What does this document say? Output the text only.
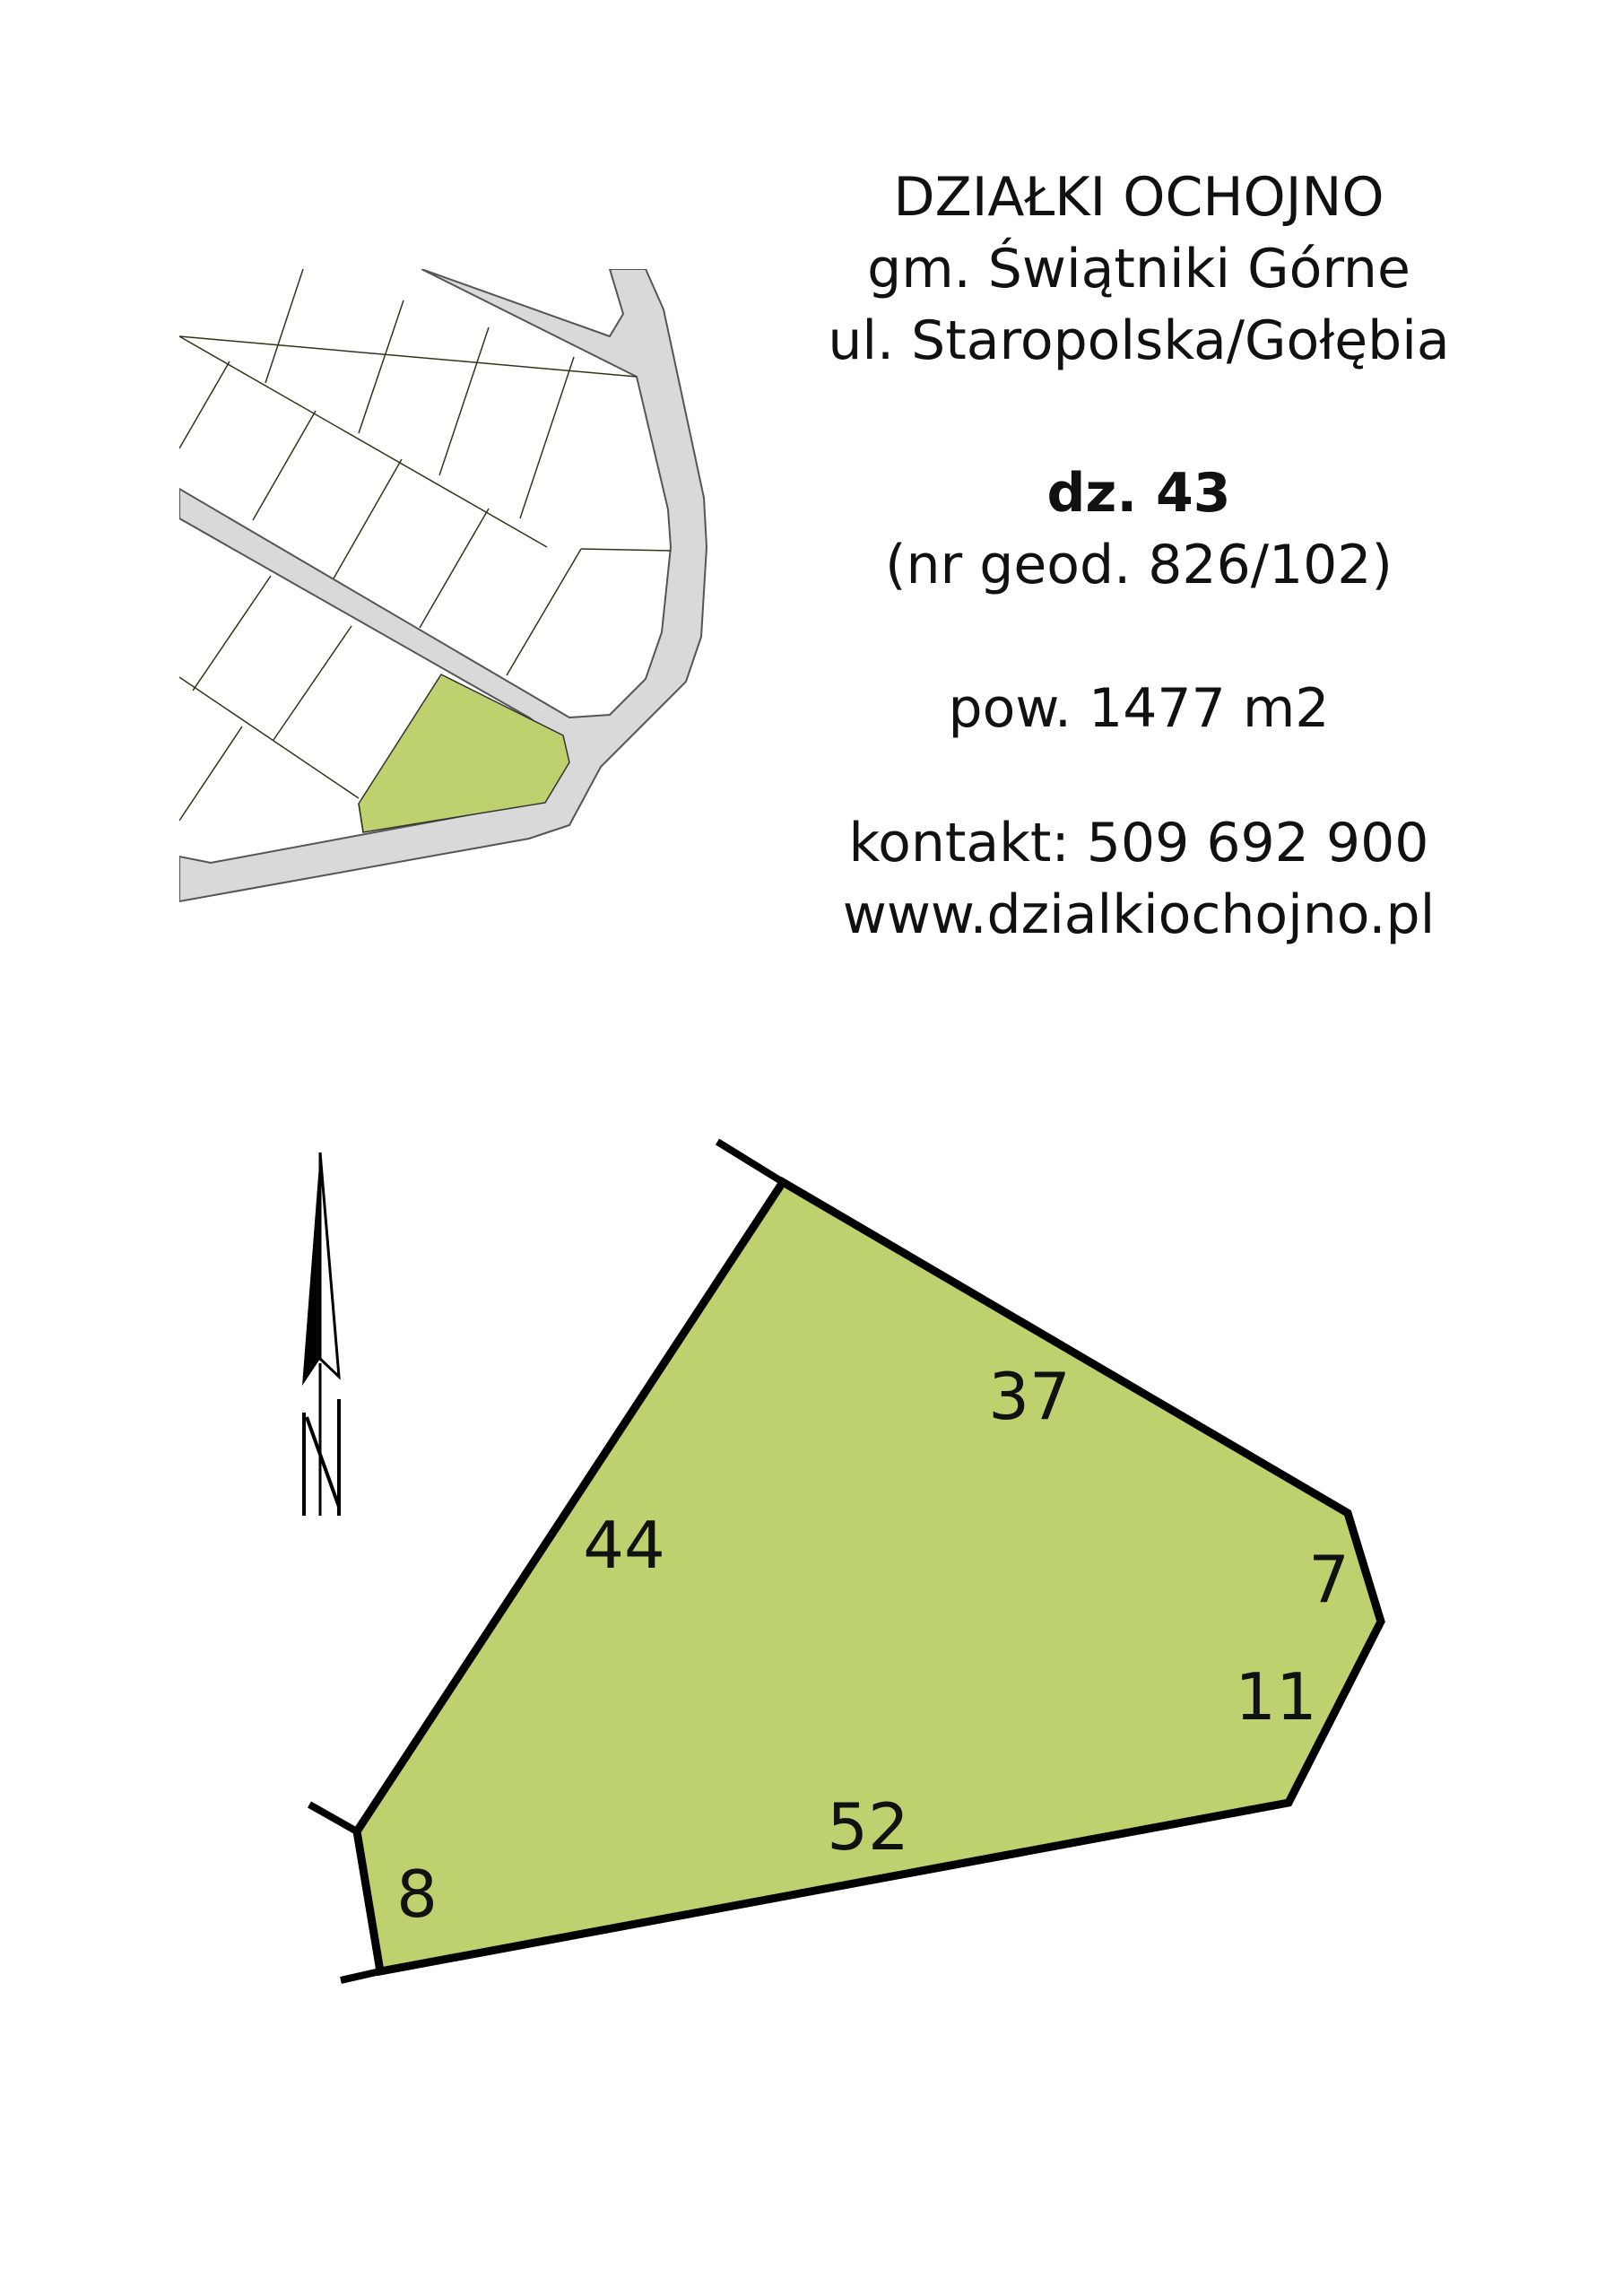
DZIAŁKI OCHOJNO
gm. Świątniki Górne
ul. Staropolska/Gołębia
dz. 43
(nr geod. 826/102)
pow. 1477 m2
kontakt: 509 692 900
www.dzialkiochojno.pl
37
7
11
52
8
44
